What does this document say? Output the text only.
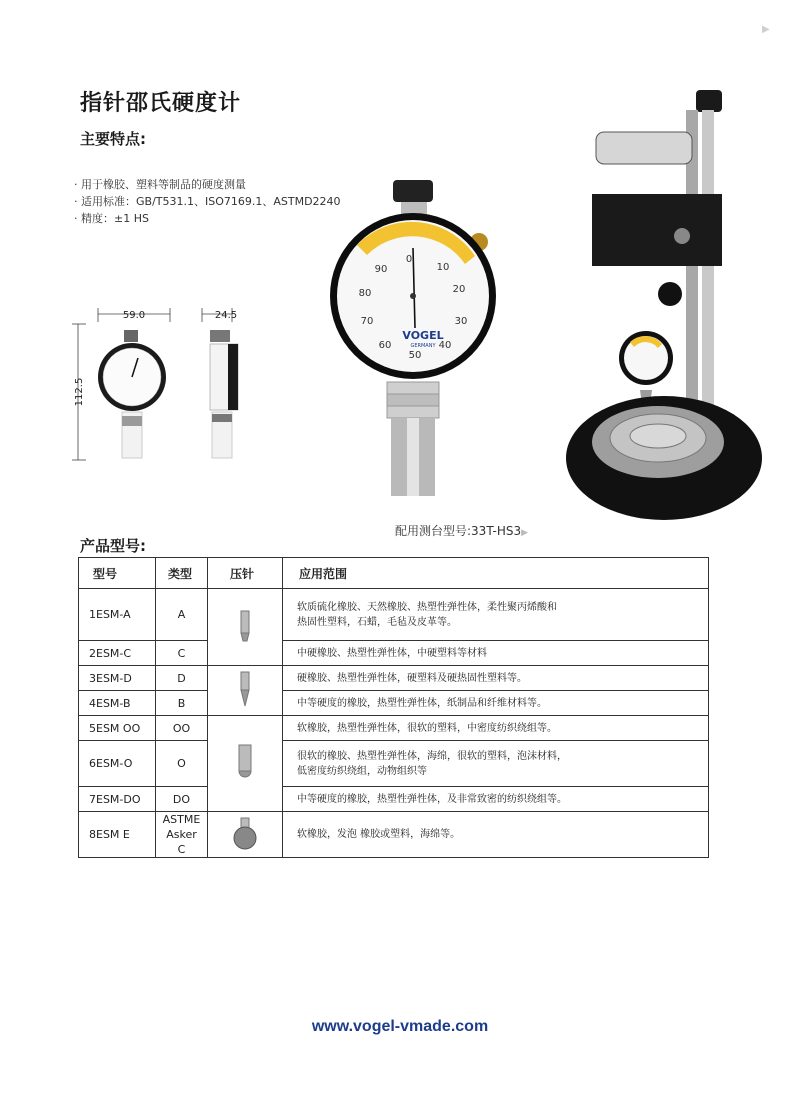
▶
指针邵氏硬度计
主要特点:
· 用于橡胶、塑料等制品的硬度测量
· 适用标准：GB/T531.1、ISO7169.1、ASTMD2240
· 精度：±1 HS
59.0
112.5
24.5
0
10
20
30
40
50
60
70
80
90
VOGEL
GERMANY
配用测台型号:33T-HS3▶
产品型号:
型号	类型	压针	应用范围
1ESM-A	A		软质硫化橡胶、天然橡胶、热塑性弹性体，柔性聚丙烯酸和
热固性塑料，石蜡，毛毡及皮革等。

2ESM-C	C		中硬橡胶、热塑性弹性体，中硬塑料等材料
3ESM-D	D		硬橡胶、热塑性弹性体，硬塑料及硬热固性塑料等。
4ESM-B	B		中等硬度的橡胶，热塑性弹性体，纸制品和纤维材料等。
5ESM OO	OO		软橡胶，热塑性弹性体，很软的塑料，中密度纺织绕组等。
6ESM-O	O		很软的橡胶、热塑性弹性体，海绵，很软的塑料，泡沫材料，
低密度纺织绕组，动物组织等

7ESM-DO	DO		中等硬度的橡胶，热塑性弹性体，及非常致密的纺织绕组等。
8ESM E	ASTME
Asker C		软橡胶，发泡 橡胶或塑料，海绵等。
www.vogel-vmade.com
